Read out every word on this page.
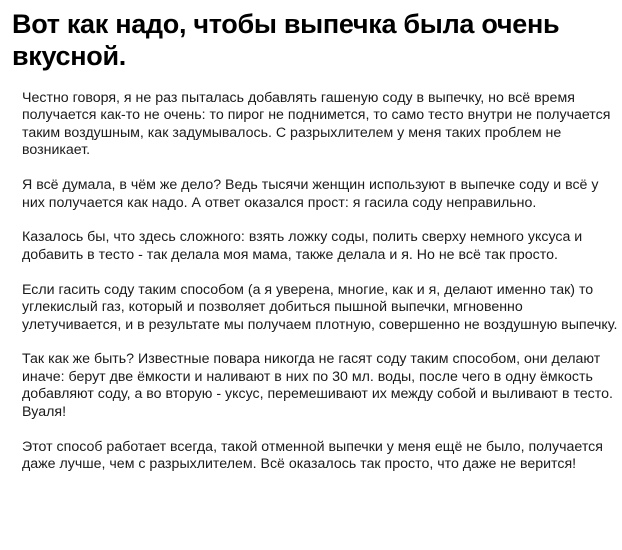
Вот как надо, чтобы выпечка была очень вкусной.

Честно говоря, я не раз пыталась добавлять гашеную соду в выпечку, но всё время получается как-то не очень: то пирог не поднимется, то само тесто внутри не получается таким воздушным, как задумывалось. С разрыхлителем у меня таких проблем не возникает.

Я всё думала, в чём же дело? Ведь тысячи женщин используют в выпечке соду и всё у них получается как надо. А ответ оказался прост: я гасила соду неправильно.

Казалось бы, что здесь сложного: взять ложку соды, полить сверху немного уксуса и добавить в тесто - так делала моя мама, также делала и я. Но не всё так просто.

Если гасить соду таким способом (а я уверена, многие, как и я, делают именно так) то углекислый газ, который и позволяет добиться пышной выпечки, мгновенно улетучивается, и в результате мы получаем плотную, совершенно не воздушную выпечку.

Так как же быть? Известные повара никогда не гасят соду таким способом, они делают иначе: берут две ёмкости и наливают в них по 30 мл. воды, после чего в одну ёмкость добавляют соду, а во вторую - уксус, перемешивают их между собой и выливают в тесто. Вуаля!

Этот способ работает всегда, такой отменной выпечки у меня ещё не было, получается даже лучше, чем с разрыхлителем. Всё оказалось так просто, что даже не верится!
